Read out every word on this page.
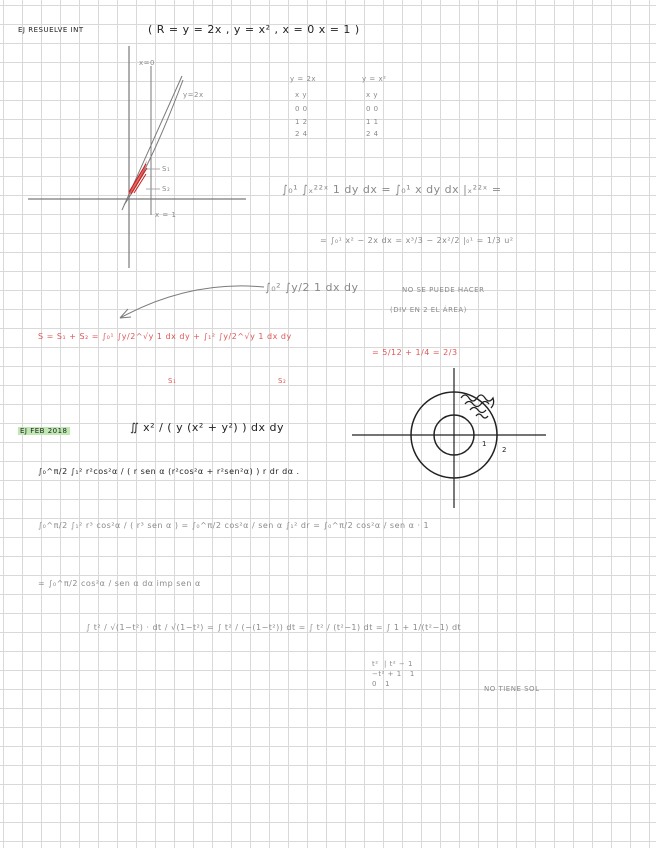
EJ RESUELVE INT	( R = y = 2x , y = x² , x = 0 x = 1 )
x=0
y=2x
S₁
S₂
x = 1
y = 2x
x y
0 0
1 2
2 4
y = x²
x y
0 0
1 1
2 4
∫₀¹ ∫ₓ²²ˣ 1 dy dx = ∫₀¹ x dy dx |ₓ²²ˣ =
= ∫₀¹ x² − 2x dx = x³/3 − 2x²/2 |₀¹ = 1/3 u²
∫₀² ∫y/2 1 dx dy	NO SE PUEDE HACER
(DIV EN 2 EL ÁREA)
S = S₁ + S₂ = ∫₀¹ ∫y/2^√y 1 dx dy + ∫₁² ∫y/2^√y 1 dx dy
= 5/12 + 1/4 = 2/3
S₁	S₂
EJ FEB 2018	∬ x² / ( y (x² + y²) ) dx dy
1
2
∫₀^π/2 ∫₁² r²cos²α / ( r sen α (r²cos²α + r²sen²α) ) r dr dα .
∫₀^π/2 ∫₁² r³ cos²α / ( r³ sen α ) = ∫₀^π/2 cos²α / sen α ∫₁² dr = ∫₀^π/2 cos²α / sen α · 1
= ∫₀^π/2 cos²α / sen α dα imp sen α
∫ t² / √(1−t²) · dt / √(1−t²) = ∫ t² / (−(1−t²)) dt = ∫ t² / (t²−1) dt = ∫ 1 + 1/(t²−1) dt
t²  | t² − 1
−t² + 1   1
0   1
NO TIENE SOL
